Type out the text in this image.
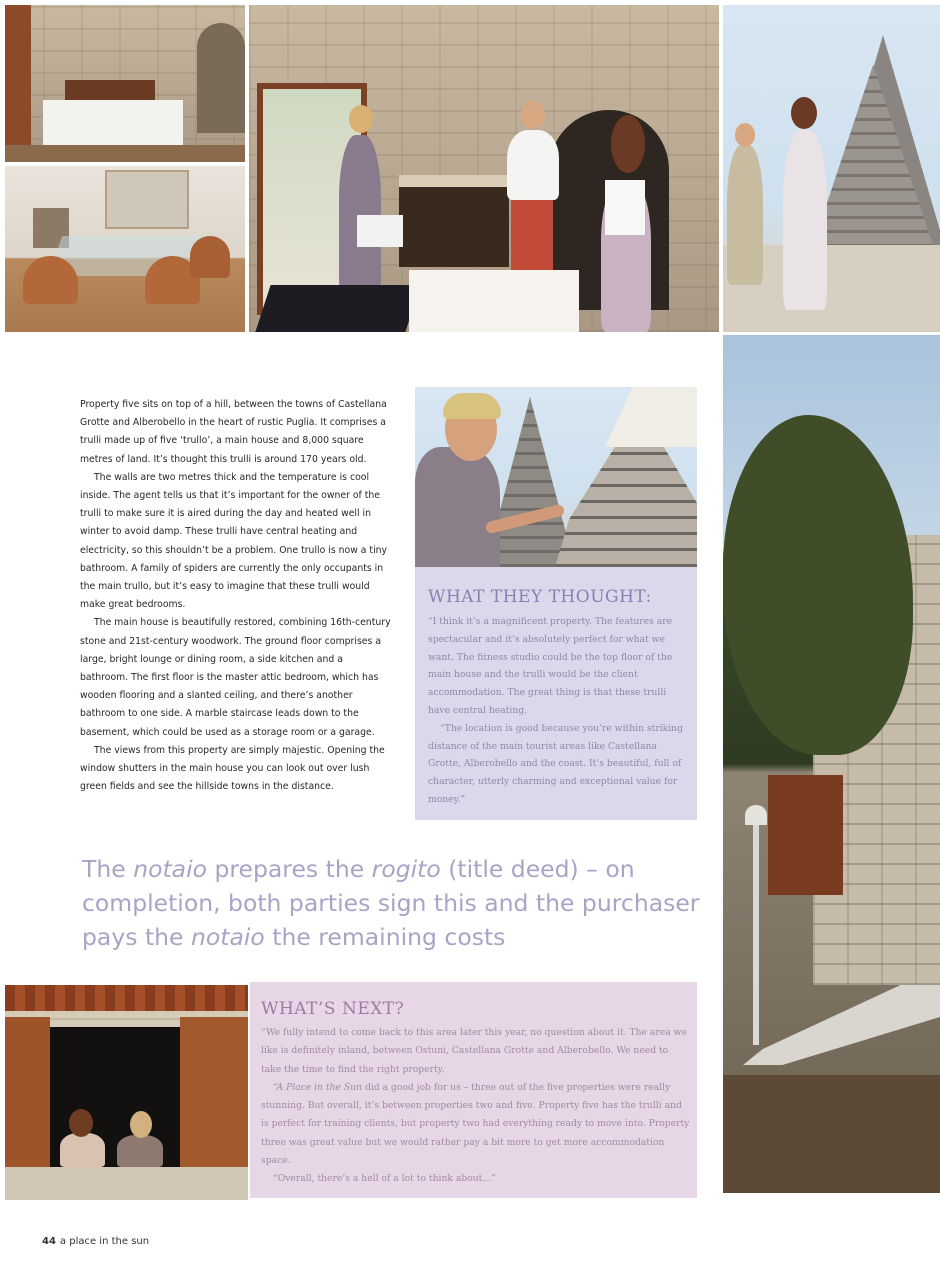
Property five sits on top of a hill, between the towns of Castellana Grotte and Alberobello in the heart of rustic Puglia. It comprises a trulli made up of five ‘trullo’, a main house and 8,000 square metres of land. It’s thought this trulli is around 170 years old.

The walls are two metres thick and the temperature is cool inside. The agent tells us that it’s important for the owner of the trulli to make sure it is aired during the day and heated well in winter to avoid damp. These trulli have central heating and electricity, so this shouldn’t be a problem. One trullo is now a tiny bathroom. A family of spiders are currently the only occupants in the main trullo, but it’s easy to imagine that these trulli would make great bedrooms.

The main house is beautifully restored, combining 16th-century stone and 21st-century woodwork. The ground floor comprises a large, bright lounge or dining room, a side kitchen and a bathroom. The first floor is the master attic bedroom, which has wooden flooring and a slanted ceiling, and there’s another bathroom to one side. A marble staircase leads down to the basement, which could be used as a storage room or a garage.

The views from this property are simply majestic. Opening the window shutters in the main house you can look out over lush green fields and see the hillside towns in the distance.

WHAT THEY THOUGHT:

“I think it’s a magnificent property. The features are spectacular and it’s absolutely perfect for what we want. The fitness studio could be the top floor of the main house and the trulli would be the client accommodation. The great thing is that these trulli have central heating.

“The location is good because you’re within striking distance of the main tourist areas like Castellana Grotte, Alberobello and the coast. It’s beautiful, full of character, utterly charming and exceptional value for money.”

The notaio prepares the rogito (title deed) – on completion, both parties sign this and the purchaser pays the notaio the remaining costs
WHAT’S NEXT?

“We fully intend to come back to this area later this year, no question about it. The area we like is definitely inland, between Ostuni, Castellana Grotte and Alberobello. We need to take the time to find the right property.

“A Place in the Sun did a good job for us – three out of the five properties were really stunning. But overall, it’s between properties two and five. Property five has the trulli and is perfect for training clients, but property two had everything ready to move into. Property three was great value but we would rather pay a bit more to get more accommodation space.

“Overall, there’s a hell of a lot to think about...”

44 a place in the sun
